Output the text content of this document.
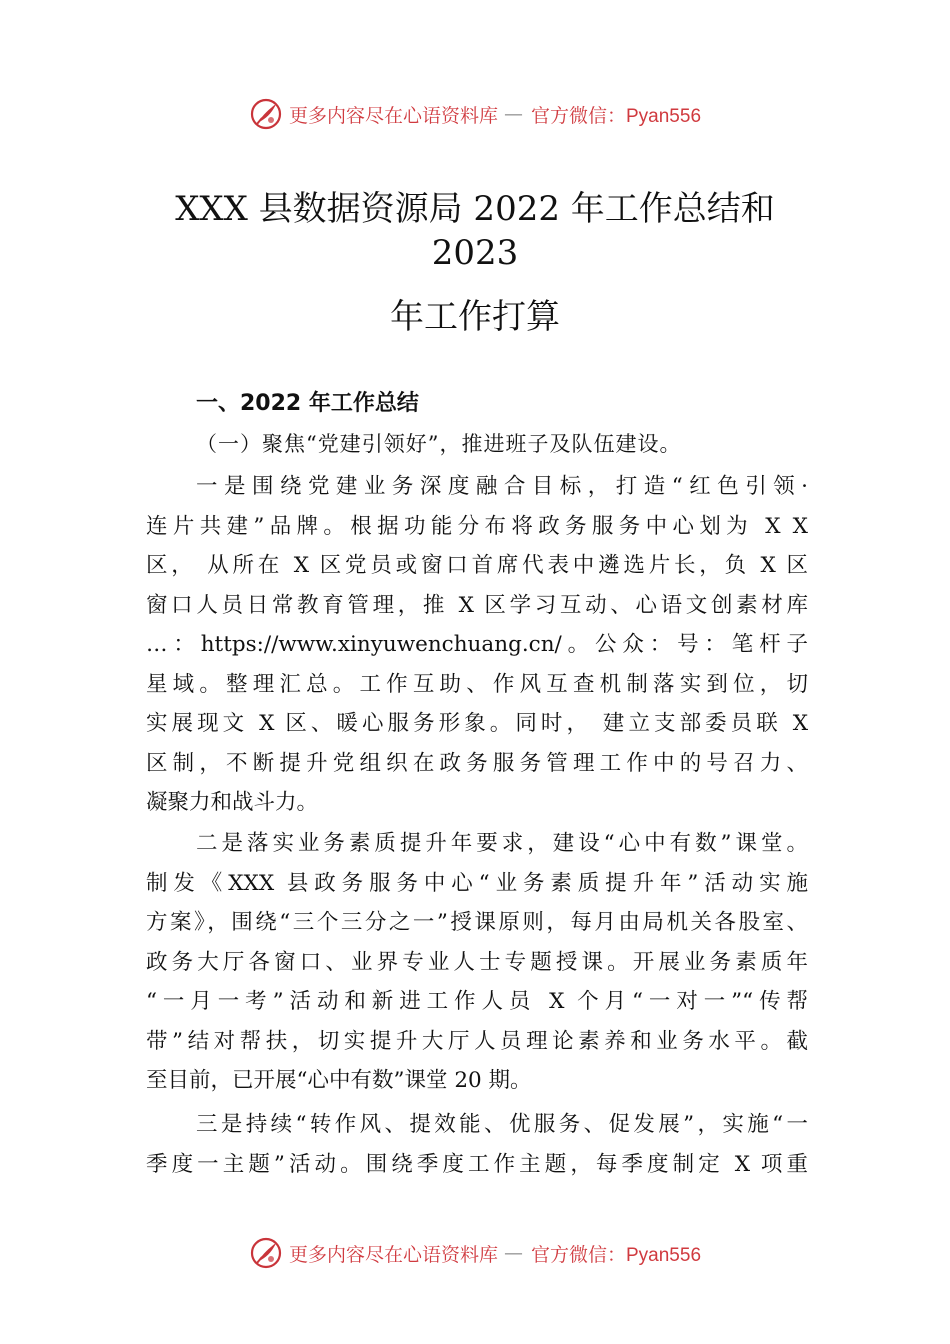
更多内容尽在心语资料库 — 官方微信：Pyan556
XXX 县数据资源局 2022 年工作总结和
2023
年工作打算
一、2022 年工作总结
（一）聚焦“党建引领好”，推进班子及队伍建设。
一是围绕党建业务深度融合目标，打造“红色引领·
连片共建”品牌。根据功能分布将政务服务中心划为 X X
区， 从所在 X 区党员或窗口首席代表中遴选片长，负 X 区
窗口人员日常教育管理，推 X 区学习互动、心语文创素材库
…：https://www.xinyuwenchuang.cn/。公众：号：笔杆子
星域。整理汇总。工作互助、作风互查机制落实到位，切
实展现文 X 区、暖心服务形象。同时， 建立支部委员联 X
区制，不断提升党组织在政务服务管理工作中的号召力、
凝聚力和战斗力。
二是落实业务素质提升年要求，建设“心中有数”课堂。
制发《XXX 县政务服务中心“业务素质提升年”活动实施
方案》，围绕“三个三分之一”授课原则，每月由局机关各股室、
政务大厅各窗口、业界专业人士专题授课。开展业务素质年
“一月一考”活动和新进工作人员 X 个月“一对一”“传帮
带”结对帮扶，切实提升大厅人员理论素养和业务水平。截
至目前，已开展“心中有数”课堂 20 期。
三是持续“转作风、提效能、优服务、促发展”，实施“一
季度一主题”活动。围绕季度工作主题，每季度制定 X 项重
更多内容尽在心语资料库 — 官方微信：Pyan556
